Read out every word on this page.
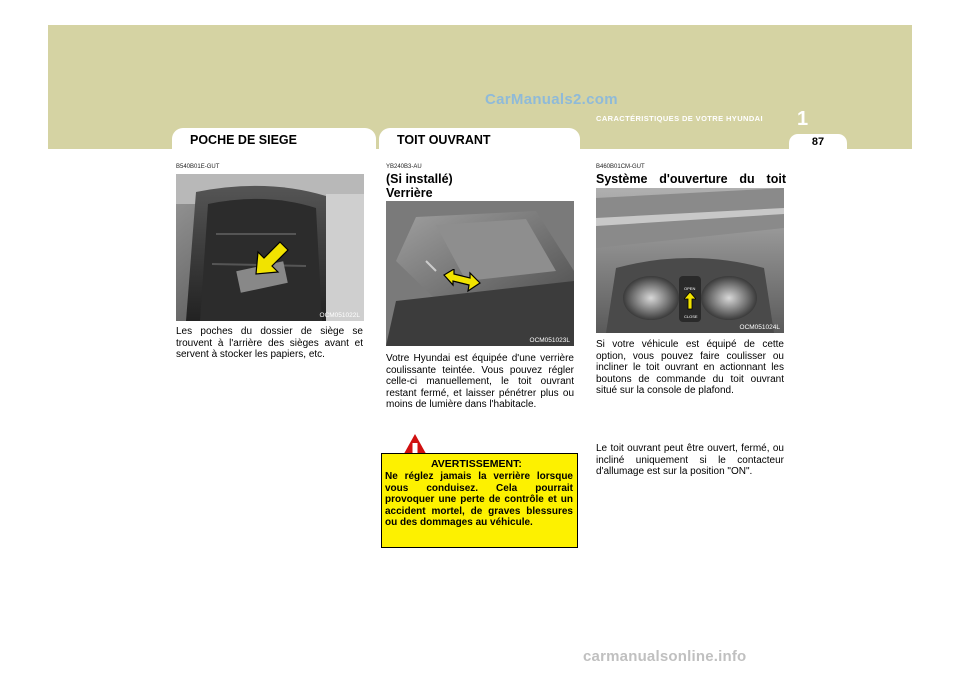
CarManuals2.com
CARACTÉRISTIQUES DE VOTRE HYUNDAI 1
87
POCHE DE SIEGE
B540B01E-GUT
OCM051022L
Les poches du dossier de siège se trouvent à l'arrière des sièges avant et servent à stocker les papiers, etc.
TOIT OUVRANT
YB240B3-AU
(Si installé)
Verrière
OCM051023L
Votre Hyundai est équipée d'une verrière coulissante teintée. Vous pouvez régler celle-ci manuellement, le toit ouvrant restant fermé, et laisser pénétrer plus ou moins de lumière dans l'habitacle.
AVERTISSEMENT:
Ne réglez jamais la verrière lorsque vous conduisez. Cela pourrait provoquer une perte de contrôle et un accident mortel, de graves blessures ou des dommages au véhicule.
B460B01CM-GUT
Système d'ouverture du toit
OPEN
CLOSE
OCM051024L
Si votre véhicule est équipé de cette option, vous pouvez faire coulisser ou incliner le toit ouvrant en actionnant les boutons de commande du toit ouvrant situé sur la console de plafond.
Le toit ouvrant peut être ouvert, fermé, ou incliné uniquement si le contacteur d'allumage est sur la position "ON".
carmanualsonline.info
